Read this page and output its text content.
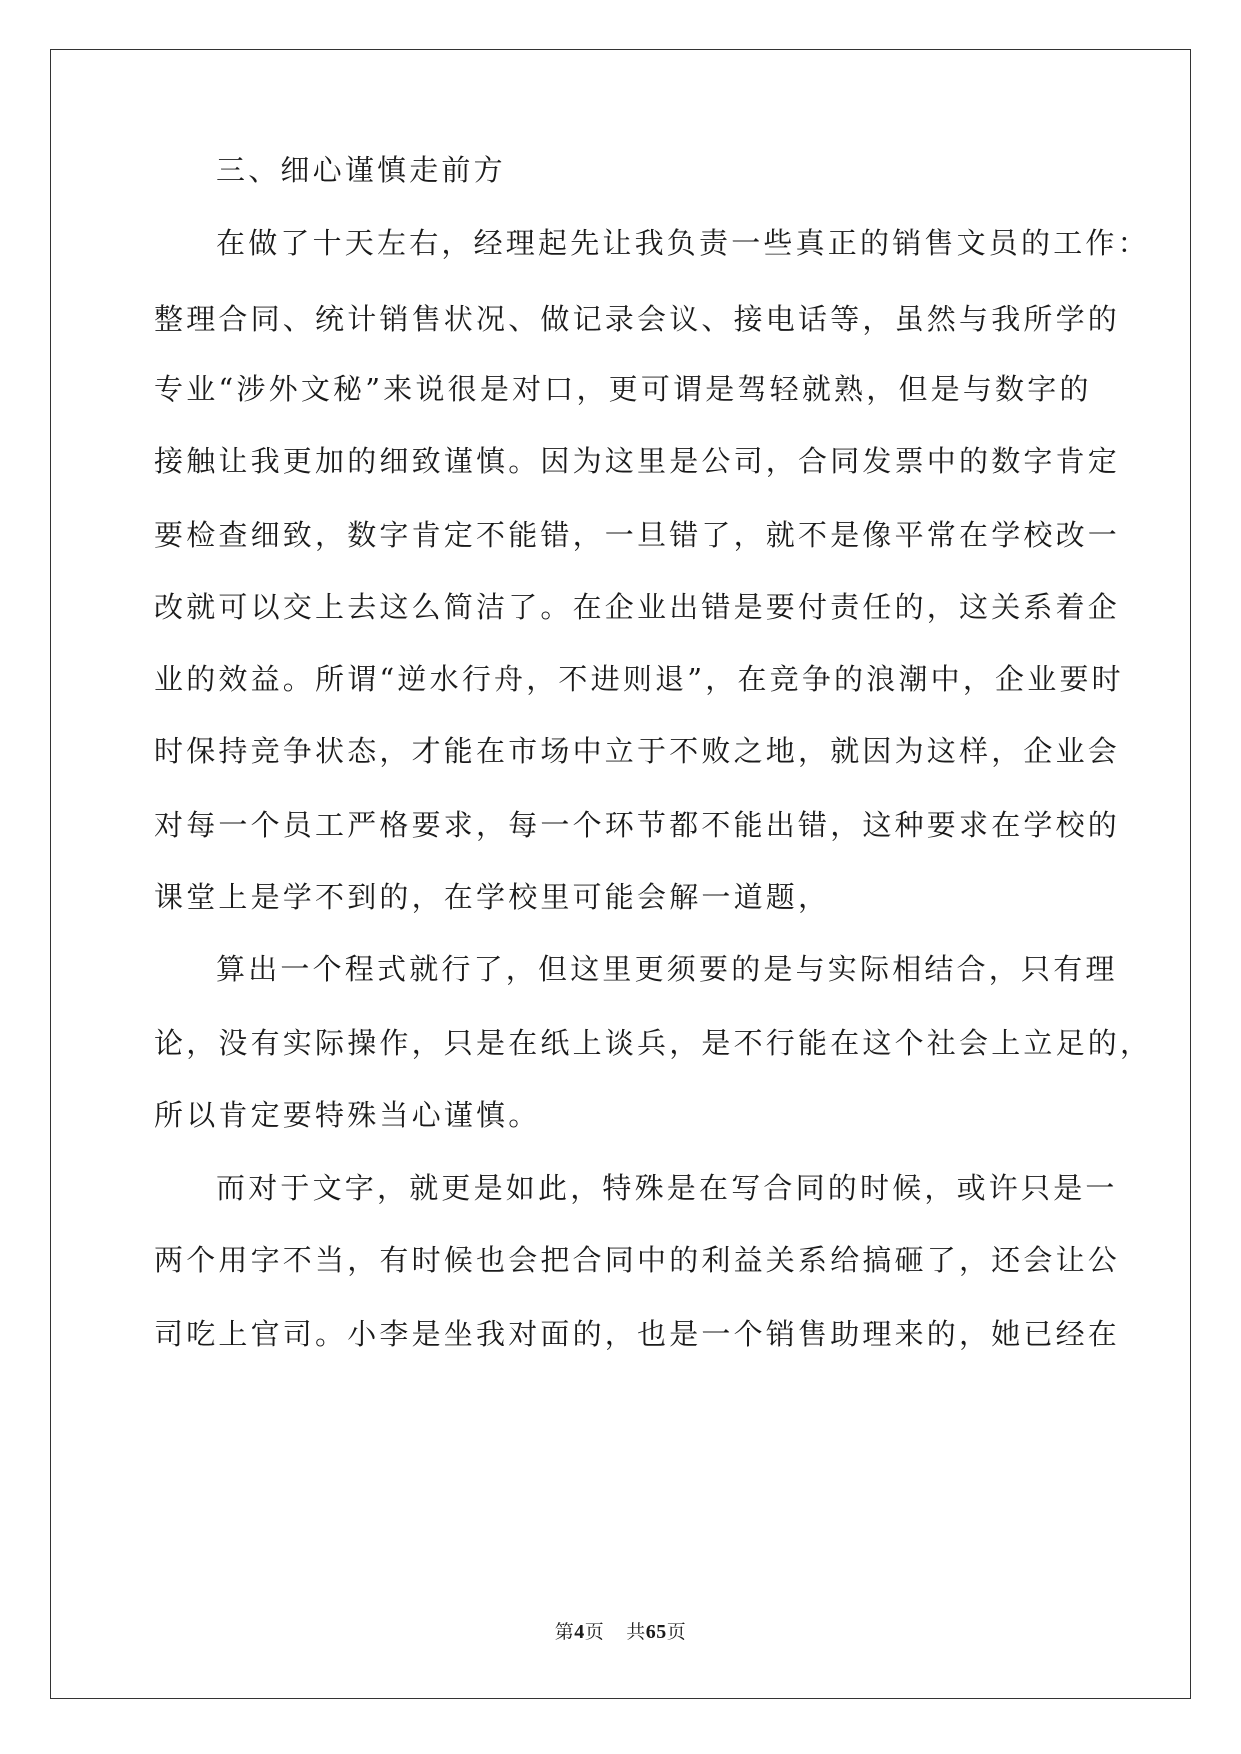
三、细心谨慎走前方
在做了十天左右，经理起先让我负责一些真正的销售文员的工作：
整理合同、统计销售状况、做记录会议、接电话等，虽然与我所学的
专业“涉外文秘”来说很是对口，更可谓是驾轻就熟，但是与数字的
接触让我更加的细致谨慎。因为这里是公司，合同发票中的数字肯定
要检查细致，数字肯定不能错，一旦错了，就不是像平常在学校改一
改就可以交上去这么简洁了。在企业出错是要付责任的，这关系着企
业的效益。所谓“逆水行舟，不进则退”，在竞争的浪潮中，企业要时
时保持竞争状态，才能在市场中立于不败之地，就因为这样，企业会
对每一个员工严格要求，每一个环节都不能出错，这种要求在学校的
课堂上是学不到的，在学校里可能会解一道题，
算出一个程式就行了，但这里更须要的是与实际相结合，只有理
论，没有实际操作，只是在纸上谈兵，是不行能在这个社会上立足的，
所以肯定要特殊当心谨慎。
而对于文字，就更是如此，特殊是在写合同的时候，或许只是一
两个用字不当，有时候也会把合同中的利益关系给搞砸了，还会让公
司吃上官司。小李是坐我对面的，也是一个销售助理来的，她已经在
第4页 共65页
